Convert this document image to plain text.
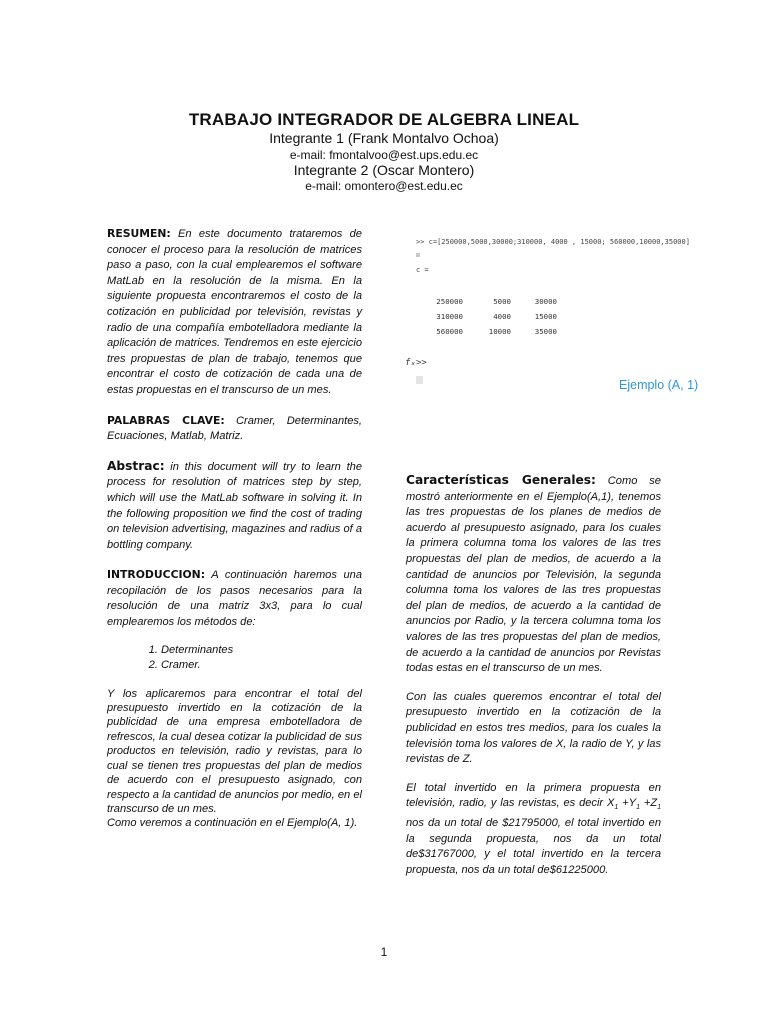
TRABAJO INTEGRADOR DE ALGEBRA LINEAL
Integrante 1 (Frank Montalvo Ochoa)
e-mail: fmontalvoo@est.ups.edu.ec
Integrante 2 (Oscar Montero)
e-mail: omontero@est.edu.ec
RESUMEN: En este documento trataremos de conocer el proceso para la resolución de matrices paso a paso, con la cual emplearemos el software MatLab en la resolución de la misma. En la siguiente propuesta encontraremos el costo de la cotización en publicidad por televisión, revistas y radio de una compañía embotelladora mediante la aplicación de matrices. Tendremos en este ejercicio tres propuestas de plan de trabajo, tenemos que encontrar el costo de cotización de cada una de estas propuestas en el transcurso de un mes.
PALABRAS CLAVE: Cramer, Determinantes, Ecuaciones, Matlab, Matriz.
Abstrac: in this document will try to learn the process for resolution of matrices step by step, which will use the MatLab software in solving it. In the following proposition we find the cost of trading on television advertising, magazines and radius of a bottling company.
INTRODUCCION: A continuación haremos una recopilación de los pasos necesarios para la resolución de una matriz 3x3, para lo cual emplearemos los métodos de:
1. Determinantes
2. Cramer.
Y los aplicaremos para encontrar el total del presupuesto invertido en la cotización de la publicidad de una empresa embotelladora de refrescos, la cual desea cotizar la publicidad de sus productos en televisión, radio y revistas, para lo cual se tienen tres propuestas del plan de medios de acuerdo con el presupuesto asignado, con respecto a la cantidad de anuncios por medio, en el transcurso de un mes.
Como veremos a continuación en el Ejemplo(A, 1).
>> c=[250000,5000,30000;310000, 4000 , 15000; 560000,10000,35000]
c =
250000	5000	30000
310000	4000	15000
560000	10000	35000
fₓ >>
Ejemplo (A, 1)
Características Generales: Como se mostró anteriormente en el Ejemplo(A,1), tenemos las tres propuestas de los planes de medios de acuerdo al presupuesto asignado, para los cuales la primera columna toma los valores de las tres propuestas del plan de medios, de acuerdo a la cantidad de anuncios por Televisión, la segunda columna toma los valores de las tres propuestas del plan de medios, de acuerdo a la cantidad de anuncios por Radio, y la tercera columna toma los valores de las tres propuestas del plan de medios, de acuerdo a la cantidad de anuncios por Revistas todas estas en el transcurso de un mes.
Con las cuales queremos encontrar el total del presupuesto invertido en la cotización de la publicidad en estos tres medios, para los cuales la televisión toma los valores de X, la radio de Y, y las revistas de Z.
El total invertido en la primera propuesta en televisión, radio, y las revistas, es decir $X_1 +Y_1 +Z_1$ nos da un total de $21795000, el total invertido en la segunda propuesta, nos da un total de$31767000, y el total invertido en la tercera propuesta, nos da un total de$61225000.
1
